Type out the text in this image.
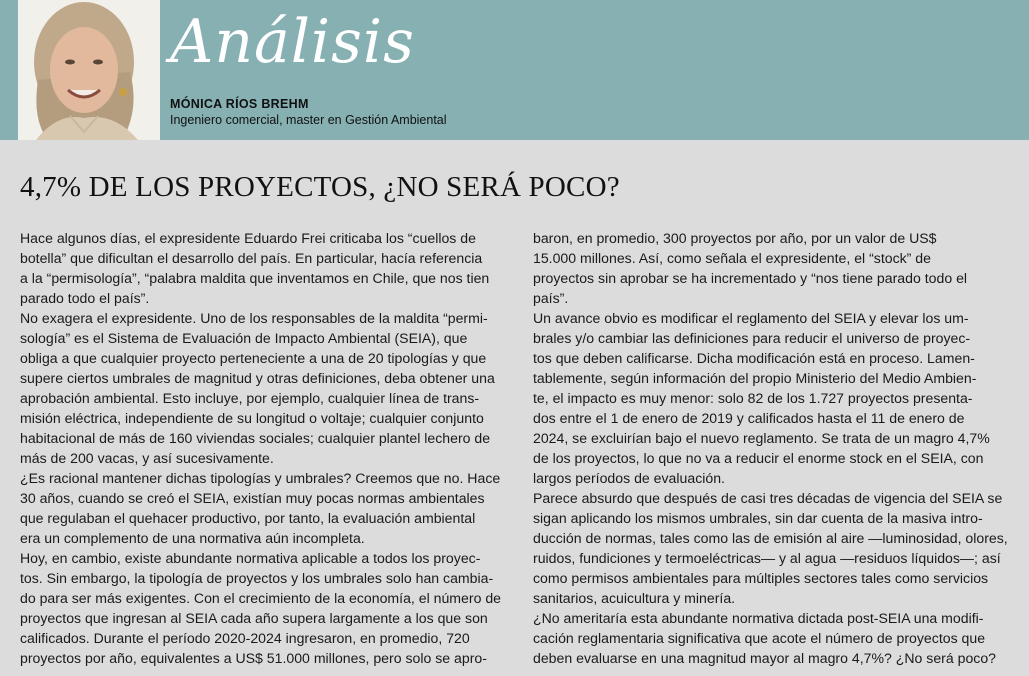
Análisis
MÓNICA RÍOS BREHM
Ingeniero comercial, master en Gestión Ambiental
4,7% DE LOS PROYECTOS, ¿NO SERÁ POCO?
Hace algunos días, el expresidente Eduardo Frei criticaba los “cuellos de
botella” que dificultan el desarrollo del país. En particular, hacía referencia
a la “permisología”, “palabra maldita que inventamos en Chile, que nos tien
parado todo el país”.
No exagera el expresidente. Uno de los responsables de la maldita “permi-
sología” es el Sistema de Evaluación de Impacto Ambiental (SEIA), que
obliga a que cualquier proyecto perteneciente a una de 20 tipologías y que
supere ciertos umbrales de magnitud y otras definiciones, deba obtener una
aprobación ambiental. Esto incluye, por ejemplo, cualquier línea de trans-
misión eléctrica, independiente de su longitud o voltaje; cualquier conjunto
habitacional de más de 160 viviendas sociales; cualquier plantel lechero de
más de 200 vacas, y así sucesivamente.
¿Es racional mantener dichas tipologías y umbrales? Creemos que no. Hace
30 años, cuando se creó el SEIA, existían muy pocas normas ambientales
que regulaban el quehacer productivo, por tanto, la evaluación ambiental
era un complemento de una normativa aún incompleta.
Hoy, en cambio, existe abundante normativa aplicable a todos los proyec-
tos. Sin embargo, la tipología de proyectos y los umbrales solo han cambia-
do para ser más exigentes. Con el crecimiento de la economía, el número de
proyectos que ingresan al SEIA cada año supera largamente a los que son
calificados. Durante el período 2020-2024 ingresaron, en promedio, 720
proyectos por año, equivalentes a US$ 51.000 millones, pero solo se apro-
baron, en promedio, 300 proyectos por año, por un valor de US$
15.000 millones. Así, como señala el expresidente, el “stock” de
proyectos sin aprobar se ha incrementado y “nos tiene parado todo el
país”.
Un avance obvio es modificar el reglamento del SEIA y elevar los um-
brales y/o cambiar las definiciones para reducir el universo de proyec-
tos que deben calificarse. Dicha modificación está en proceso. Lamen-
tablemente, según información del propio Ministerio del Medio Ambien-
te, el impacto es muy menor: solo 82 de los 1.727 proyectos presenta-
dos entre el 1 de enero de 2019 y calificados hasta el 11 de enero de
2024, se excluirían bajo el nuevo reglamento. Se trata de un magro 4,7%
de los proyectos, lo que no va a reducir el enorme stock en el SEIA, con
largos períodos de evaluación.
Parece absurdo que después de casi tres décadas de vigencia del SEIA se
sigan aplicando los mismos umbrales, sin dar cuenta de la masiva intro-
ducción de normas, tales como las de emisión al aire —luminosidad, olores,
ruidos, fundiciones y termoeléctricas— y al agua —residuos líquidos—; así
como permisos ambientales para múltiples sectores tales como servicios
sanitarios, acuicultura y minería.
¿No ameritaría esta abundante normativa dictada post-SEIA una modifi-
cación reglamentaria significativa que acote el número de proyectos que
deben evaluarse en una magnitud mayor al magro 4,7%? ¿No será poco?
